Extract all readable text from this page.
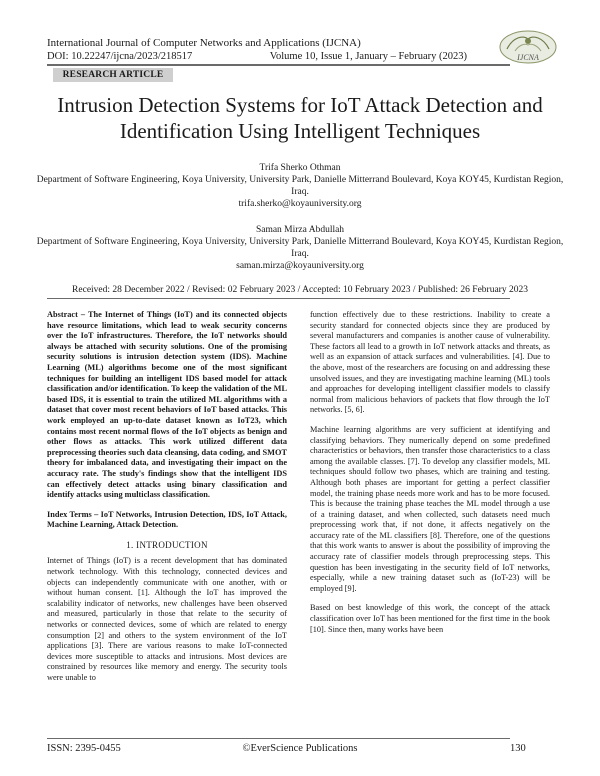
International Journal of Computer Networks and Applications (IJCNA)
DOI: 10.22247/ijcna/2023/218517	Volume 10, Issue 1, January – February (2023)	IJCNA
RESEARCH ARTICLE
Intrusion Detection Systems for IoT Attack Detection and Identification Using Intelligent Techniques
Trifa Sherko Othman
Department of Software Engineering, Koya University, University Park, Danielle Mitterrand Boulevard, Koya KOY45, Kurdistan Region, Iraq.
trifa.sherko@koyauniversity.org
Saman Mirza Abdullah
Department of Software Engineering, Koya University, University Park, Danielle Mitterrand Boulevard, Koya KOY45, Kurdistan Region, Iraq.
saman.mirza@koyauniversity.org
Received: 28 December 2022 / Revised: 02 February 2023 / Accepted: 10 February 2023 / Published: 26 February 2023

Abstract – The Internet of Things (IoT) and its connected objects have resource limitations, which lead to weak security concerns over the IoT infrastructures. Therefore, the IoT networks should always be attached with security solutions. One of the promising security solutions is intrusion detection system (IDS). Machine Learning (ML) algorithms become one of the most significant techniques for building an intelligent IDS based model for attack classification and/or identification. To keep the validation of the ML based IDS, it is essential to train the utilized ML algorithms with a dataset that cover most recent behaviors of IoT based attacks. This work employed an up-to-date dataset known as IoT23, which contains most recent normal flows of the IoT objects as benign and other flows as attacks. This work utilized different data preprocessing theories such data cleansing, data coding, and SMOT theory for imbalanced data, and investigating their impact on the accuracy rate. The study's findings show that the intelligent IDS can effectively detect attacks using binary classification and identify attacks using multiclass classification.

Index Terms – IoT Networks, Intrusion Detection, IDS, IoT Attack, Machine Learning, Attack Detection.

1. INTRODUCTION

Internet of Things (IoT) is a recent development that has dominated network technology. With this technology, connected devices and objects can independently communicate with one another, with or without human consent. [1]. Although the IoT has improved the scalability indicator of networks, new challenges have been observed and measured, particularly in those that relate to the security of networks or connected devices, some of which are related to energy consumption [2] and others to the system environment of the IoT applications [3]. There are various reasons to make IoT-connected devices more susceptible to attacks and intrusions. Most devices are constrained by resources like memory and energy. The security tools were unable to

function effectively due to these restrictions. Inability to create a security standard for connected objects since they are produced by several manufacturers and companies is another cause of vulnerability. These factors all lead to a growth in IoT network attacks and threats, as well as an expansion of attack surfaces and vulnerabilities. [4]. Due to the above, most of the researchers are focusing on and addressing these unsolved issues, and they are investigating machine learning (ML) tools and approaches for developing intelligent classifier models to classify normal from malicious behaviors of packets that flow through the IoT networks. [5, 6].

Machine learning algorithms are very sufficient at identifying and classifying behaviors. They numerically depend on some predefined characteristics or behaviors, then transfer those characteristics to a class among the available classes. [7]. To develop any classifier models, ML techniques should follow two phases, which are training and testing. Although both phases are important for getting a perfect classifier model, the training phase needs more work and has to be more focused. This is because the training phase teaches the ML model through a use of a training dataset, and when collected, such datasets need much preprocessing work that, if not done, it affects negatively on the accuracy rate of the ML classifiers [8]. Therefore, one of the questions that this work wants to answer is about the possibility of improving the accuracy rate of classifier models through preprocessing steps. This question has been investigating in the security field of IoT networks, especially, while a new training dataset such as (IoT-23) will be employed [9].

Based on best knowledge of this work, the concept of the attack classification over IoT has been mentioned for the first time in the book [10]. Since then, many works have been

ISSN: 2395-0455	©EverScience Publications	130
